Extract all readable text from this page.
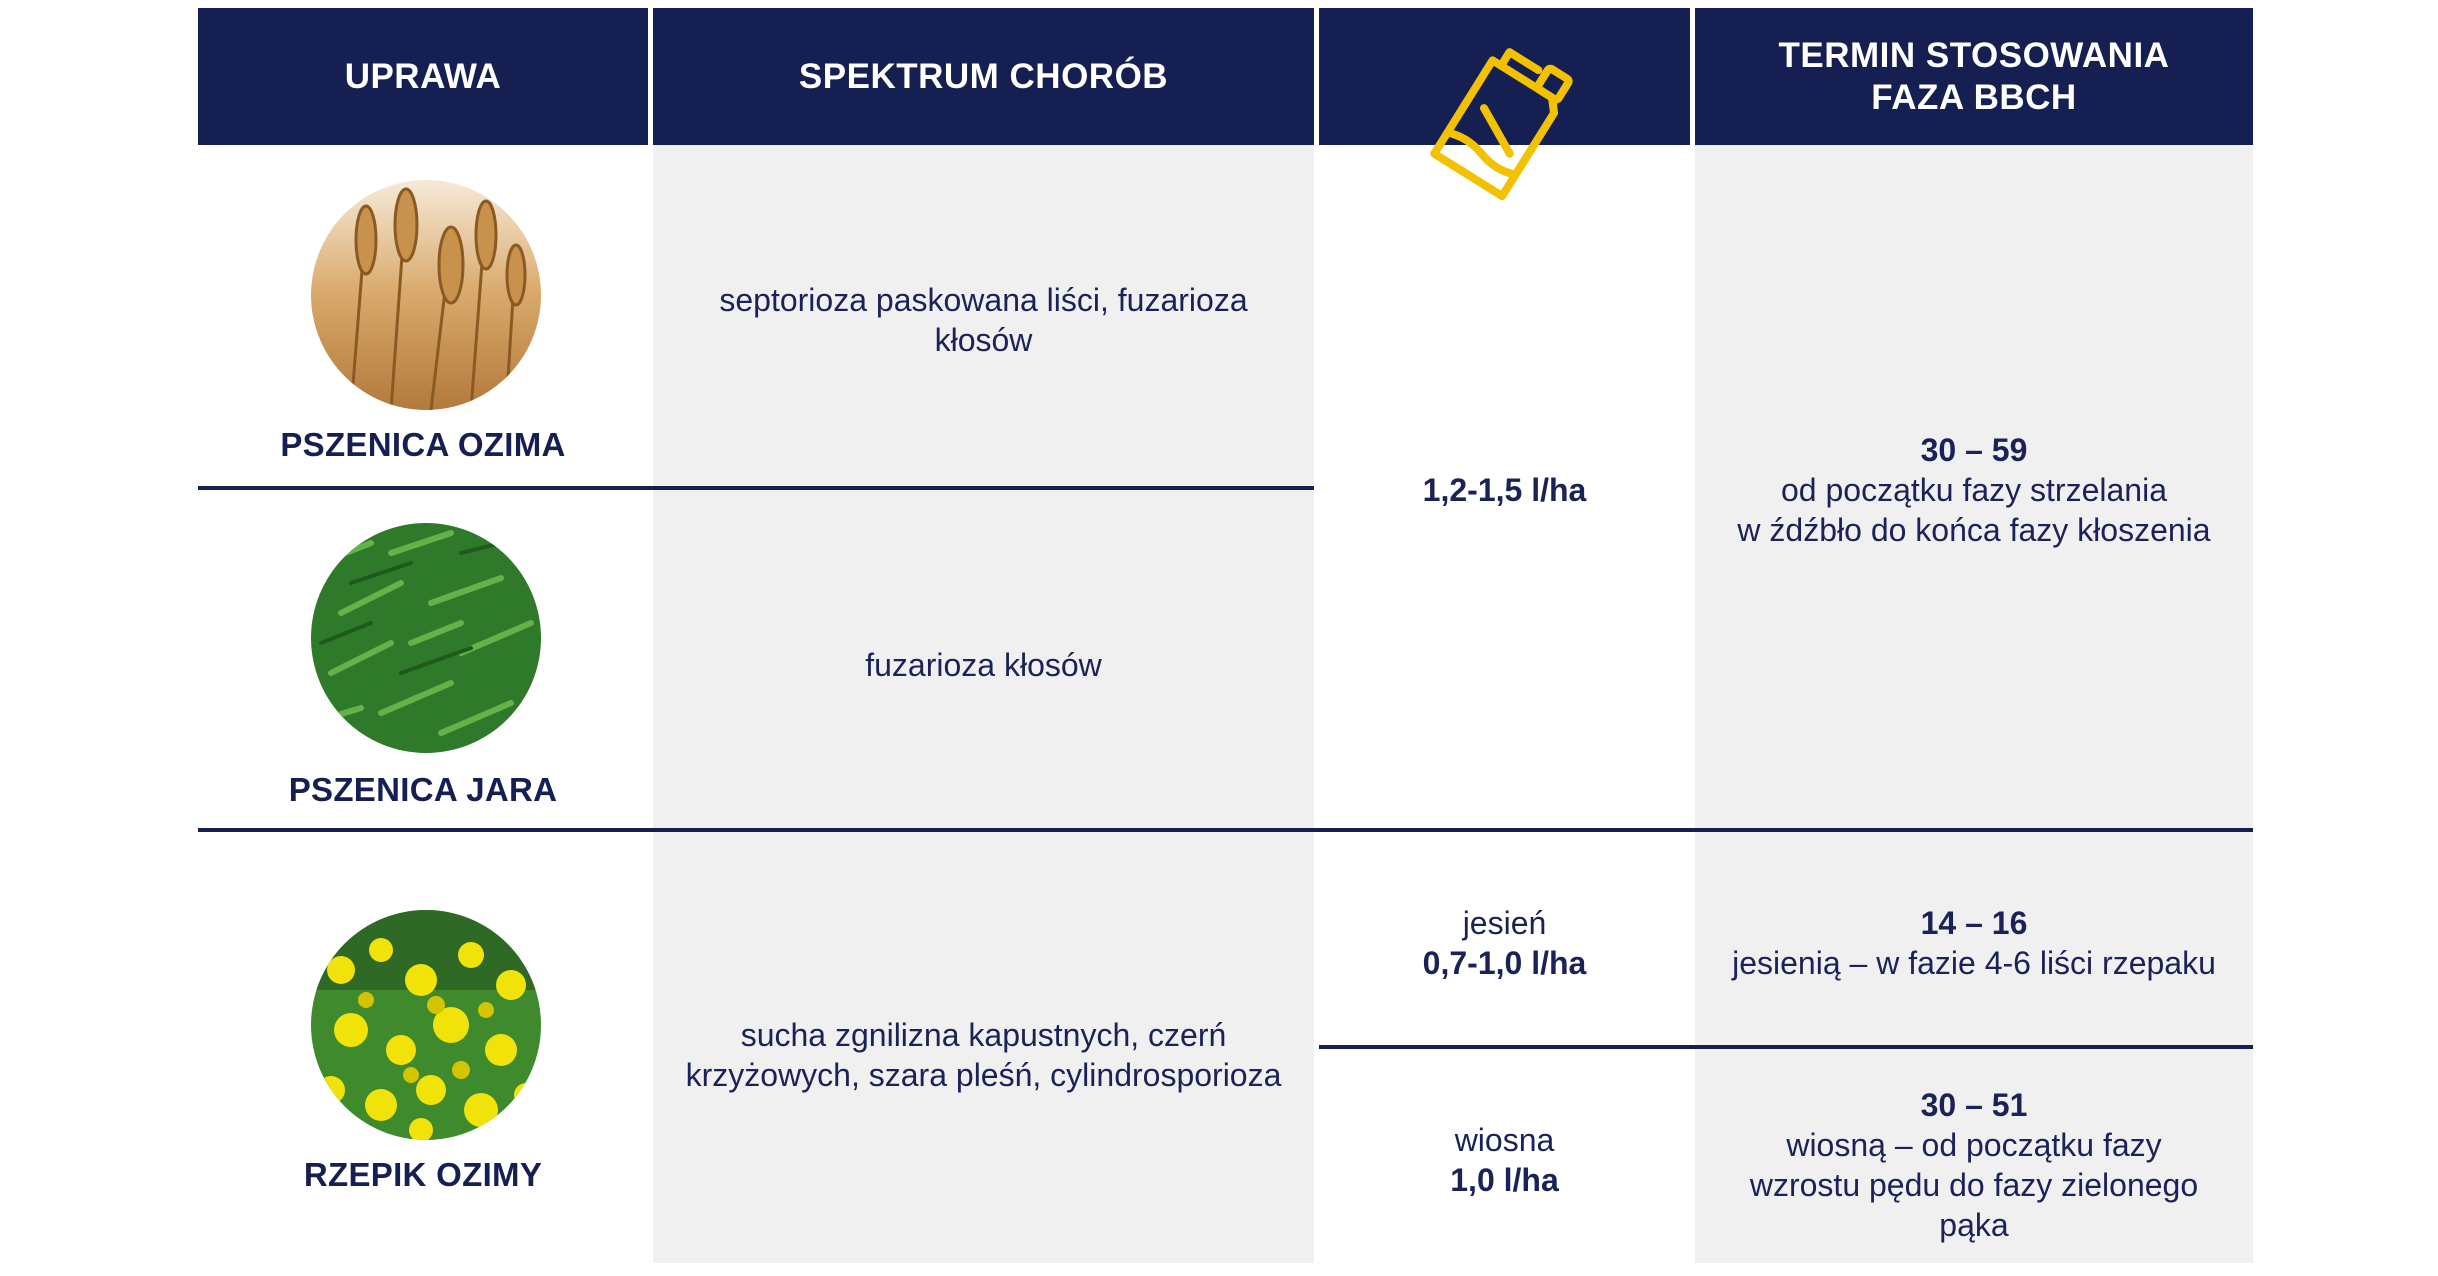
UPRAWA	SPEKTRUM CHORÓB
TERMIN STOSOWANIA
FAZA BBCH
PSZENICA OZIMA
septorioza paskowana liści, fuzarioza
kłosów
PSZENICA JARA
fuzarioza kłosów
1,2-1,5 l/ha
30 – 59
od początku fazy strzelania
w źdźbło do końca fazy kłoszenia
RZEPIK OZIMY
sucha zgnilizna kapustnych, czerń
krzyżowych, szara pleśń, cylindrosporioza
jesień
0,7-1,0 l/ha
14 – 16
jesienią – w fazie 4-6 liści rzepaku
wiosna
1,0 l/ha
30 – 51
wiosną – od początku fazy
wzrostu pędu do fazy zielonego
pąka
